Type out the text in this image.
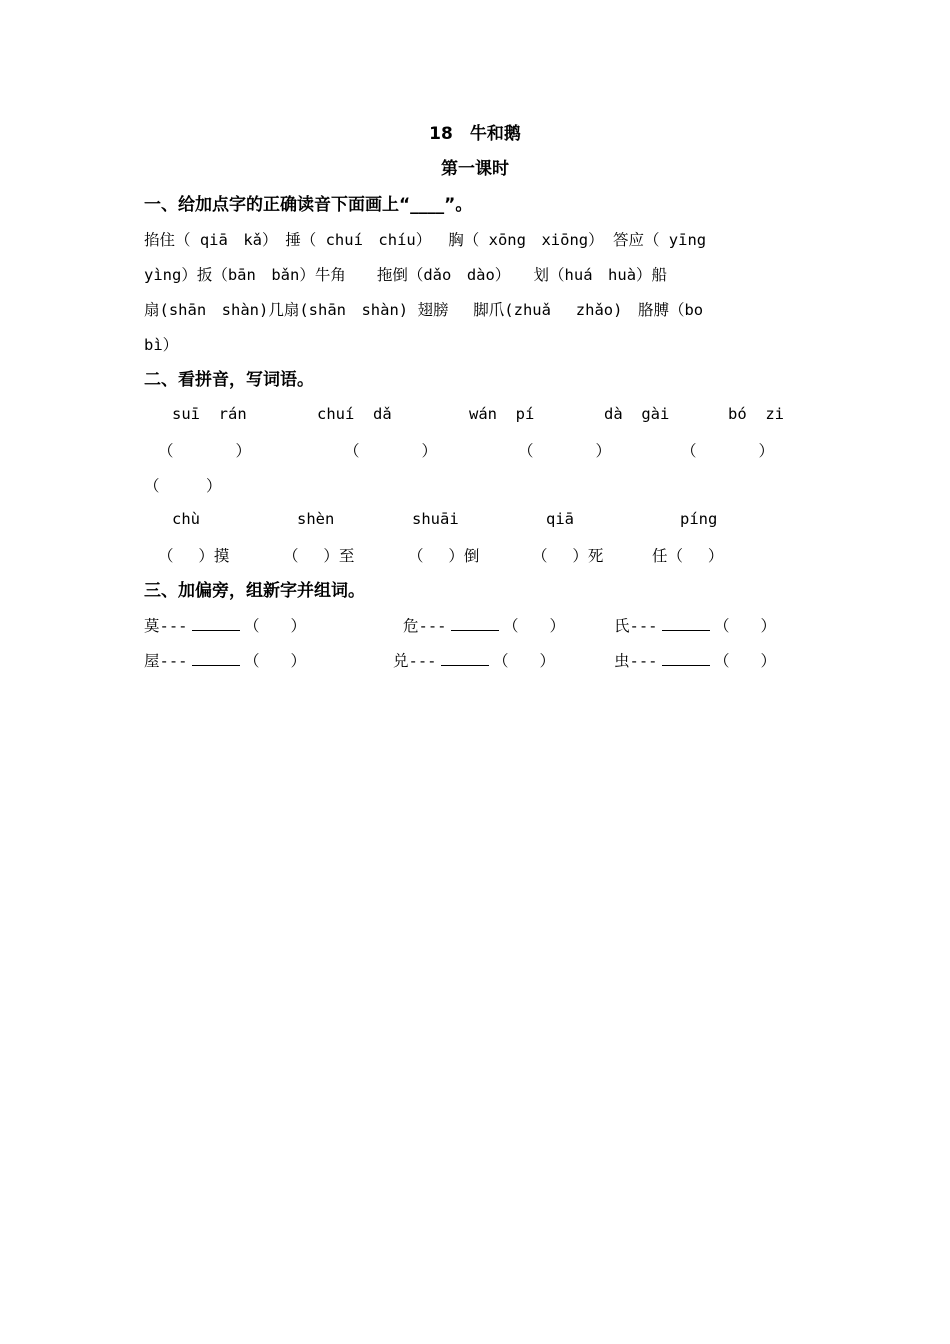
18　牛和鹅
第一课时
一、给加点字的正确读音下面画上“____”。
掐住（ qiā　kǎ）　捶（ chuí　chíu）　 胸（ xōng　xiōng） 答应（ yīng
yìng）扳（bān　bǎn）牛角　　拖倒（dǎo　dào）　　划（huá　huà）船
扇(shān　shàn)几扇(shān　shàn) 翅膀　 脚爪(zhuǎ　 zhǎo)　胳膊（bo
bì）
二、看拼音，写词语。
suī  rán	chuí  dǎ	wán  pí	dà  gài	bó  zi
（　　　　）	（　　　　）	（　　　　）	（　　　　）
（　　　）
chù	shèn	shuāi	qiā	píng
（　 ）摸	（　 ）至	（　 ）倒	（　 ）死	任（　 ）
三、加偏旁，组新字并组词。
莫---	（　　）	危---	（　　）	氏---	（　　）
屋---	（　　）	兑---	（　　）	虫---	（　　）
